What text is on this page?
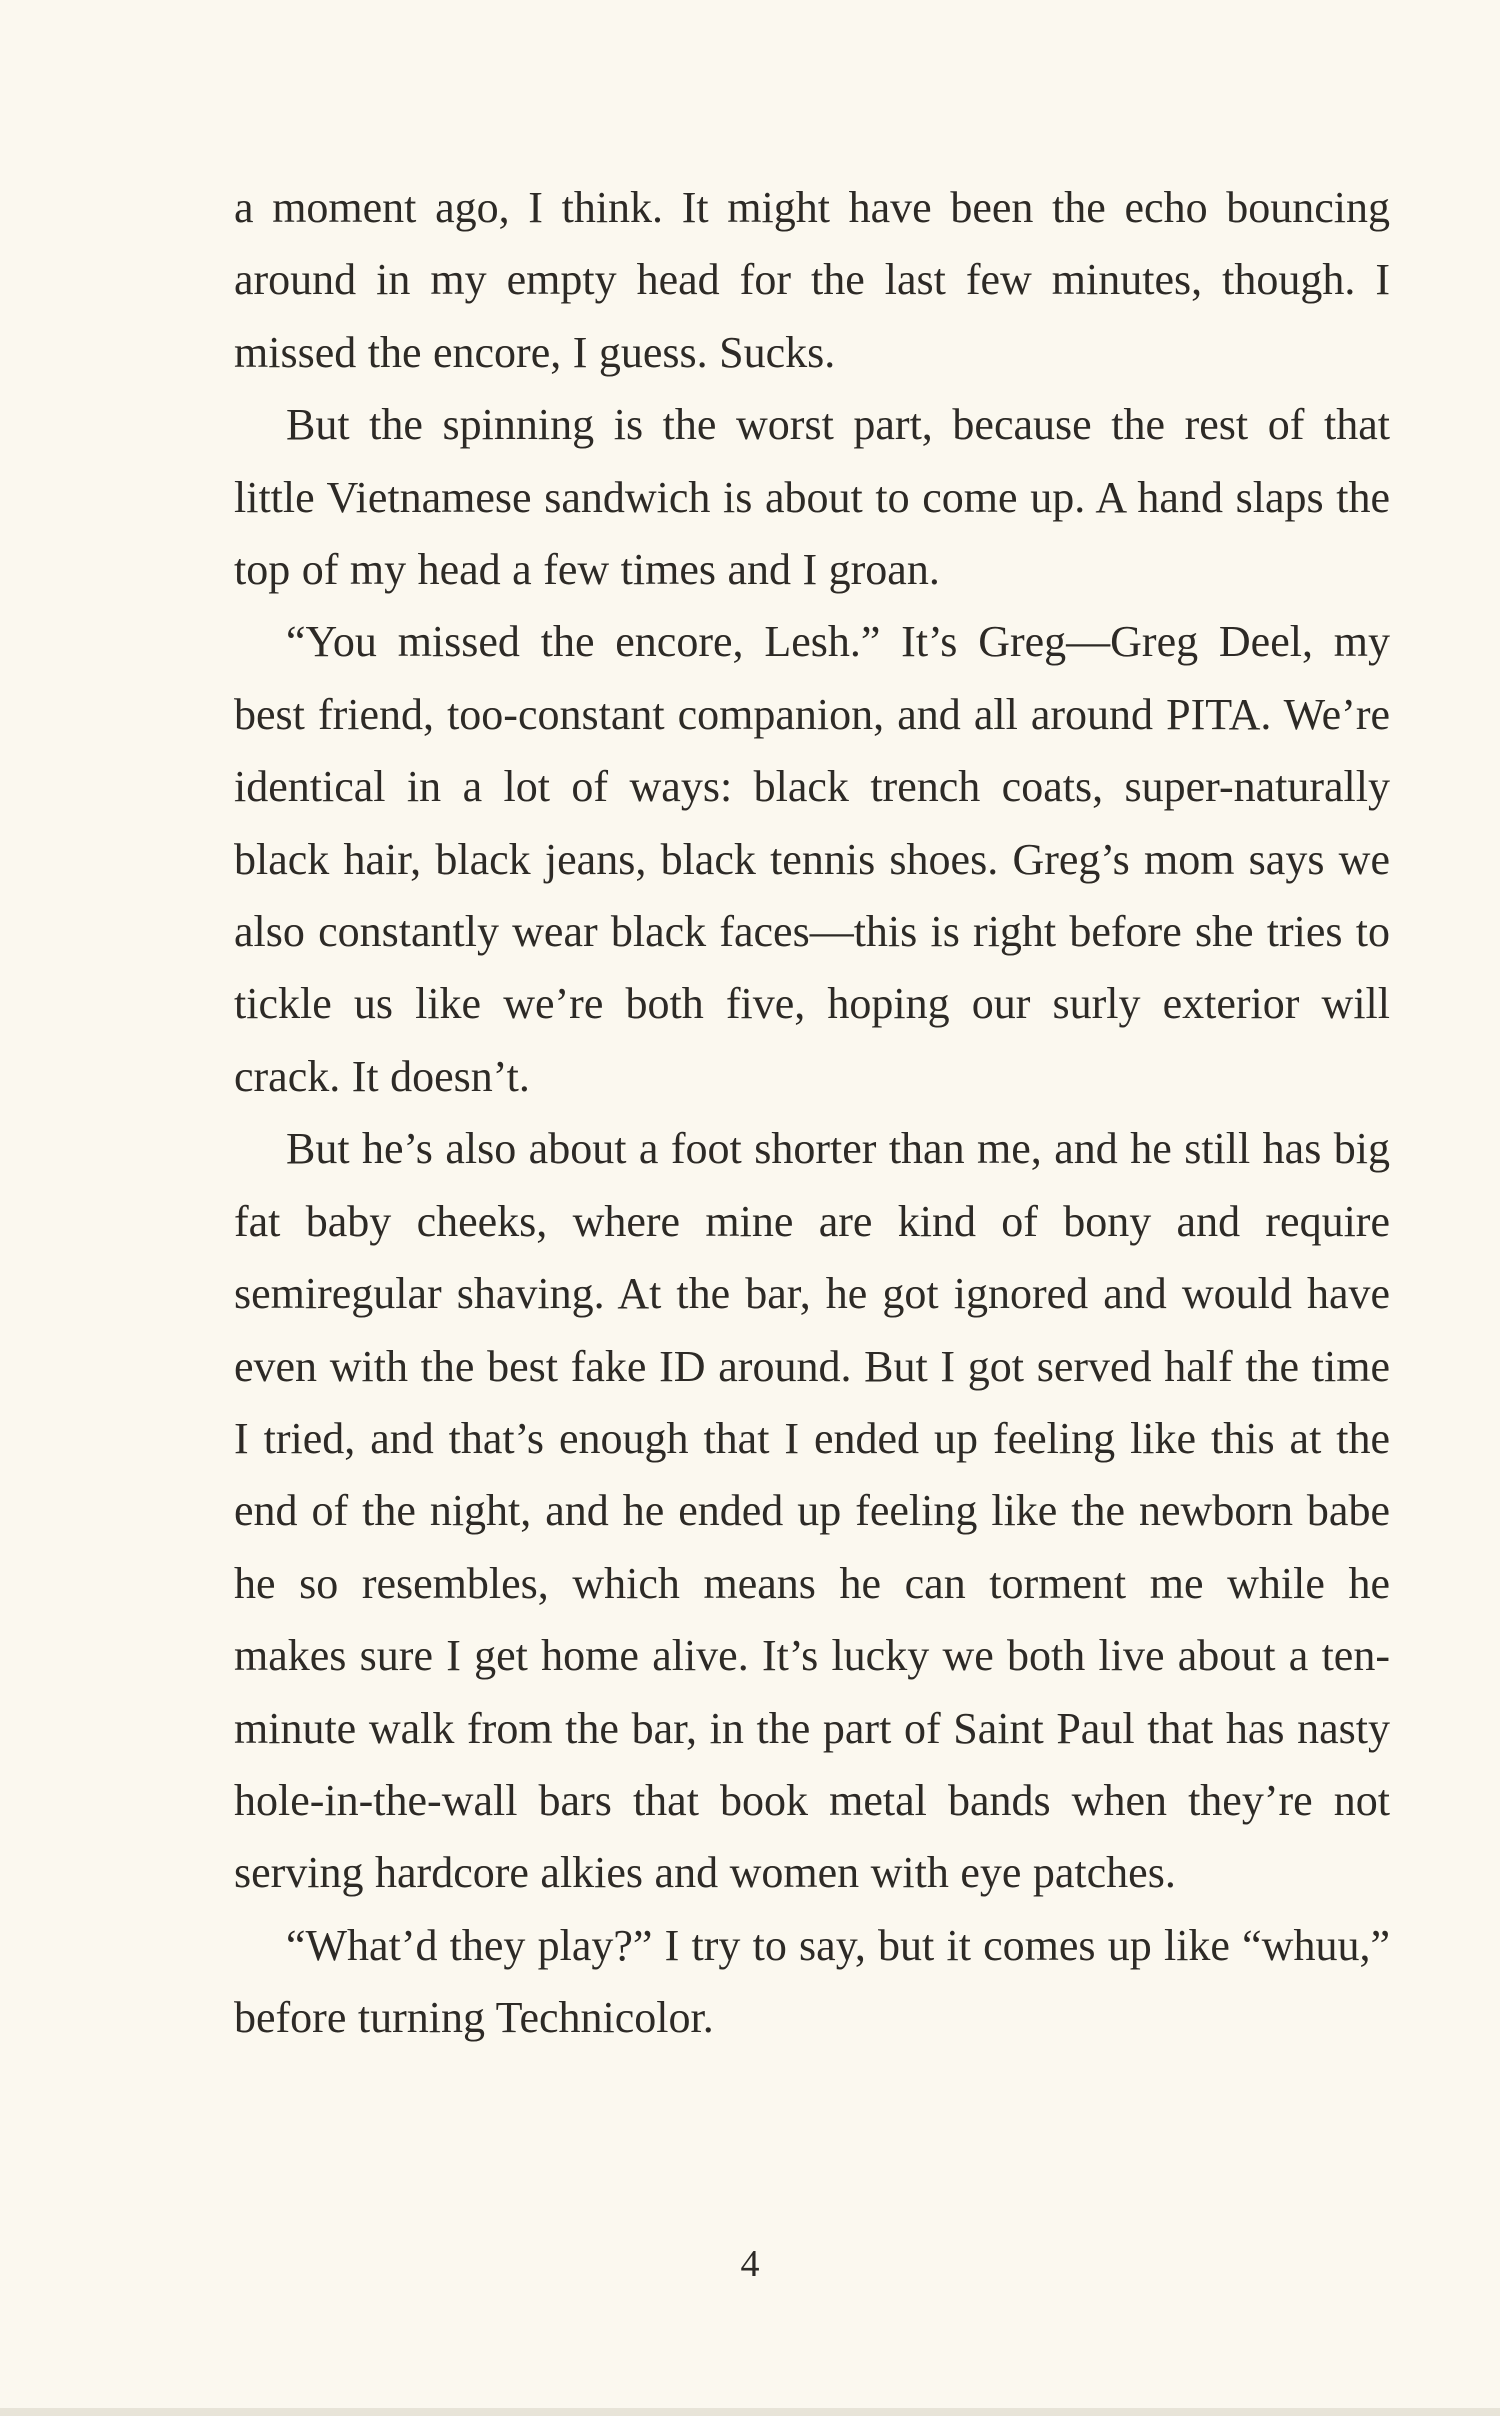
a moment ago, I think. It might have been the echo bouncing around in my empty head for the last few minutes, though. I missed the encore, I guess. Sucks.

But the spinning is the worst part, because the rest of that little Vietnamese sandwich is about to come up. A hand slaps the top of my head a few times and I groan.

“You missed the encore, Lesh.” It’s Greg—Greg Deel, my best friend, too-constant companion, and all around PITA. We’re identical in a lot of ways: black trench coats, super-naturally black hair, black jeans, black tennis shoes. Greg’s mom says we also constantly wear black faces—this is right before she tries to tickle us like we’re both five, hoping our surly exterior will crack. It doesn’t.

But he’s also about a foot shorter than me, and he still has big fat baby cheeks, where mine are kind of bony and require semiregular shaving. At the bar, he got ignored and would have even with the best fake ID around. But I got served half the time I tried, and that’s enough that I ended up feeling like this at the end of the night, and he ended up feeling like the newborn babe he so resembles, which means he can torment me while he makes sure I get home alive. It’s lucky we both live about a ten-minute walk from the bar, in the part of Saint Paul that has nasty hole-in-the-wall bars that book metal bands when they’re not serving hardcore alkies and women with eye patches.

“What’d they play?” I try to say, but it comes up like “whuu,” before turning Technicolor.

4
